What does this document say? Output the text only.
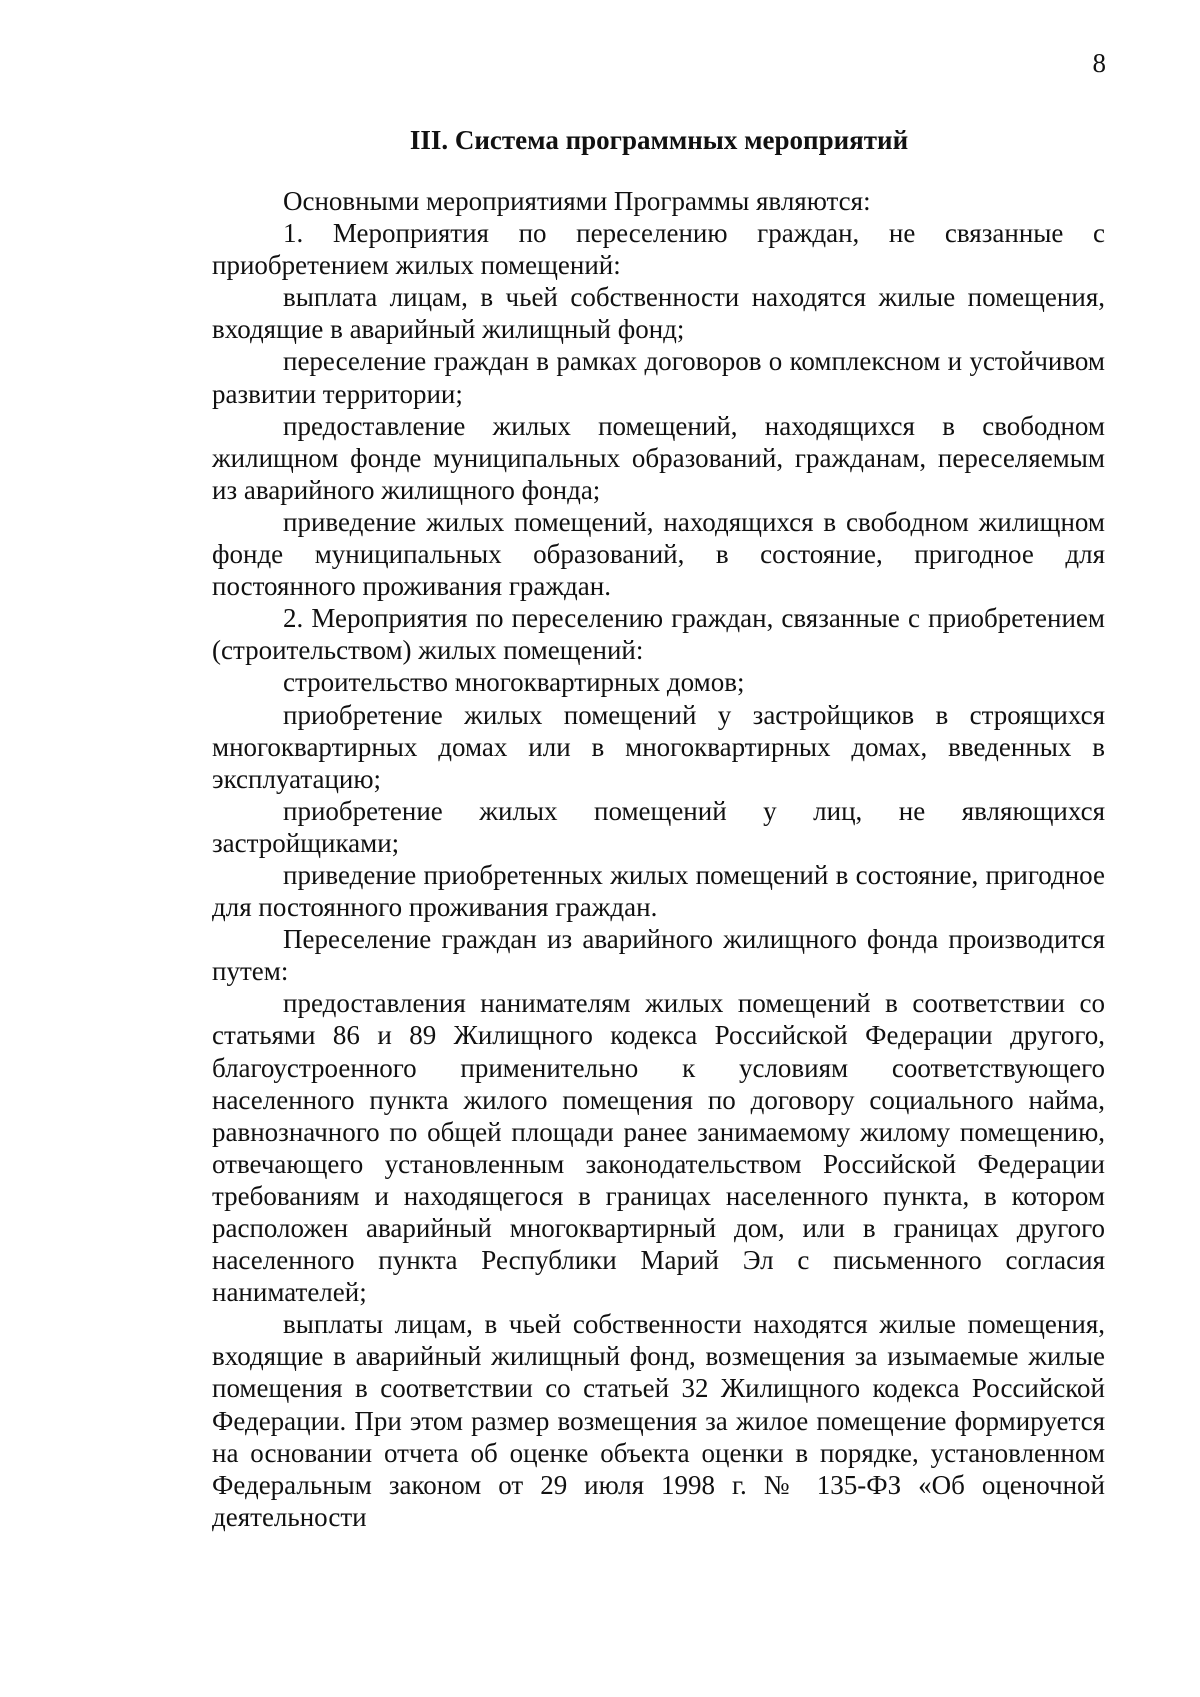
8
III. Система программных мероприятий

Основными мероприятиями Программы являются:

1. Мероприятия по переселению граждан, не связанные с приобретением жилых помещений:

выплата лицам, в чьей собственности находятся жилые помещения, входящие в аварийный жилищный фонд;

переселение граждан в рамках договоров о комплексном и устойчивом развитии территории;

предоставление жилых помещений, находящихся в свободном жилищном фонде муниципальных образований, гражданам, переселяемым из аварийного жилищного фонда;

приведение жилых помещений, находящихся в свободном жилищном фонде муниципальных образований, в состояние, пригодное для постоянного проживания граждан.

2. Мероприятия по переселению граждан, связанные с приобретением (строительством) жилых помещений:

строительство многоквартирных домов;

приобретение жилых помещений у застройщиков в строящихся многоквартирных домах или в многоквартирных домах, введенных в эксплуатацию;

приобретение жилых помещений у лиц, не являющихся застройщиками;

приведение приобретенных жилых помещений в состояние, пригодное для постоянного проживания граждан.

Переселение граждан из аварийного жилищного фонда производится путем:

предоставления нанимателям жилых помещений в соответствии со статьями 86 и 89 Жилищного кодекса Российской Федерации другого, благоустроенного применительно к условиям соответствующего населенного пункта жилого помещения по договору социального найма, равнозначного по общей площади ранее занимаемому жилому помещению, отвечающего установленным законодательством Российской Федерации требованиям и находящегося в границах населенного пункта, в котором расположен аварийный многоквартирный дом, или в границах другого населенного пункта Республики Марий Эл с письменного согласия нанимателей;

выплаты лицам, в чьей собственности находятся жилые помещения, входящие в аварийный жилищный фонд, возмещения за изымаемые жилые помещения в соответствии со статьей 32 Жилищного кодекса Российской Федерации. При этом размер возмещения за жилое помещение формируется на основании отчета об оценке объекта оценки в порядке, установленном Федеральным законом от 29 июля 1998 г. № 135-ФЗ «Об оценочной деятельности
